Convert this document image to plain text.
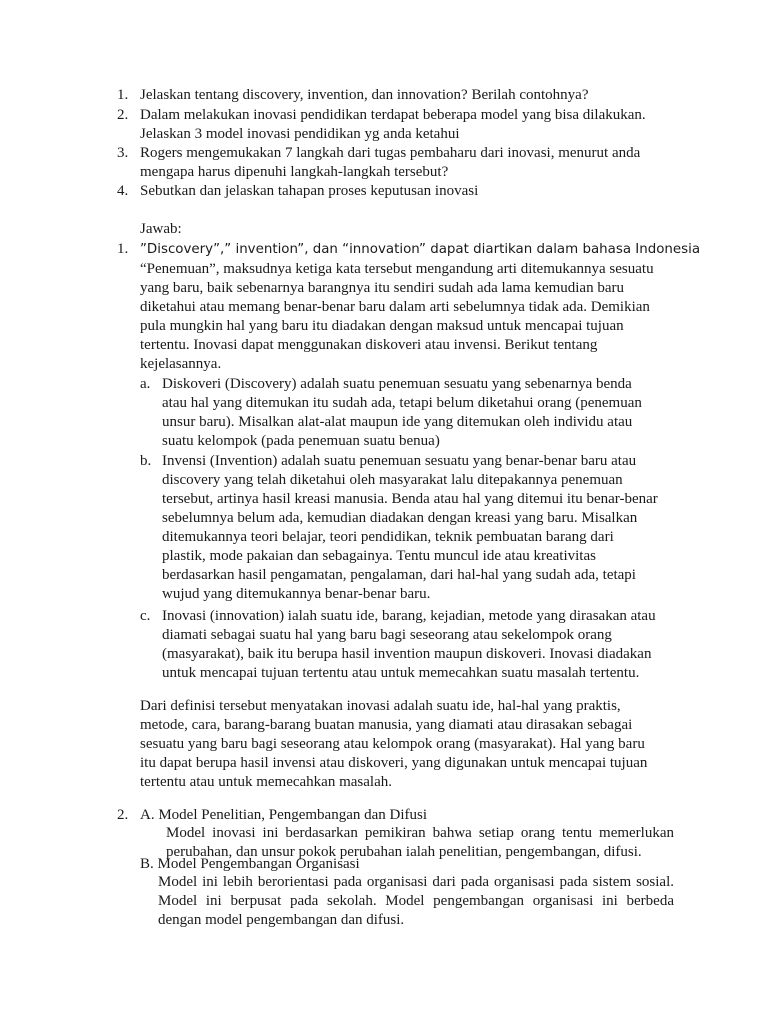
1. Jelaskan tentang discovery, invention, dan innovation? Berilah contohnya?
2. Dalam melakukan inovasi pendidikan terdapat beberapa model yang bisa dilakukan.
Jelaskan 3 model inovasi pendidikan yg anda ketahui
3. Rogers mengemukakan 7 langkah dari tugas pembaharu dari inovasi, menurut anda
mengapa harus dipenuhi langkah-langkah tersebut?
4. Sebutkan dan jelaskan tahapan proses keputusan inovasi
Jawab:
1. ”Discovery”,” invention”, dan “innovation” dapat diartikan dalam bahasa Indonesia
“Penemuan”, maksudnya ketiga kata tersebut mengandung arti ditemukannya sesuatu
yang baru, baik sebenarnya barangnya itu sendiri sudah ada lama kemudian baru
diketahui atau memang benar-benar baru dalam arti sebelumnya tidak ada. Demikian
pula mungkin hal yang baru itu diadakan dengan maksud untuk mencapai tujuan
tertentu. Inovasi dapat menggunakan diskoveri atau invensi. Berikut tentang
kejelasannya.
a. Diskoveri (Discovery) adalah suatu penemuan sesuatu yang sebenarnya benda
atau hal yang ditemukan itu sudah ada, tetapi belum diketahui orang (penemuan
unsur baru). Misalkan alat-alat maupun ide yang ditemukan oleh individu atau
suatu kelompok (pada penemuan suatu benua)
b. Invensi (Invention) adalah suatu penemuan sesuatu yang benar-benar baru atau
discovery yang telah diketahui oleh masyarakat lalu ditepakannya penemuan
tersebut, artinya hasil kreasi manusia. Benda atau hal yang ditemui itu benar-benar
sebelumnya belum ada, kemudian diadakan dengan kreasi yang baru. Misalkan
ditemukannya teori belajar, teori pendidikan, teknik pembuatan barang dari
plastik, mode pakaian dan sebagainya. Tentu muncul ide atau kreativitas
berdasarkan hasil pengamatan, pengalaman, dari hal-hal yang sudah ada, tetapi
wujud yang ditemukannya benar-benar baru.
c. Inovasi (innovation) ialah suatu ide, barang, kejadian, metode yang dirasakan atau
diamati sebagai suatu hal yang baru bagi seseorang atau sekelompok orang
(masyarakat), baik itu berupa hasil invention maupun diskoveri. Inovasi diadakan
untuk mencapai tujuan tertentu atau untuk memecahkan suatu masalah tertentu.
Dari definisi tersebut menyatakan inovasi adalah suatu ide, hal-hal yang praktis,
metode, cara, barang-barang buatan manusia, yang diamati atau dirasakan sebagai
sesuatu yang baru bagi seseorang atau kelompok orang (masyarakat). Hal yang baru
itu dapat berupa hasil invensi atau diskoveri, yang digunakan untuk mencapai tujuan
tertentu atau untuk memecahkan masalah.
2. A. Model Penelitian, Pengembangan dan Difusi
Model inovasi ini berdasarkan pemikiran bahwa setiap orang tentu memerlukan perubahan, dan unsur pokok perubahan ialah penelitian, pengembangan, difusi.
B. Model Pengembangan Organisasi
Model ini lebih berorientasi pada organisasi dari pada organisasi pada sistem sosial. Model ini berpusat pada sekolah. Model pengembangan organisasi ini berbeda dengan model pengembangan dan difusi.
